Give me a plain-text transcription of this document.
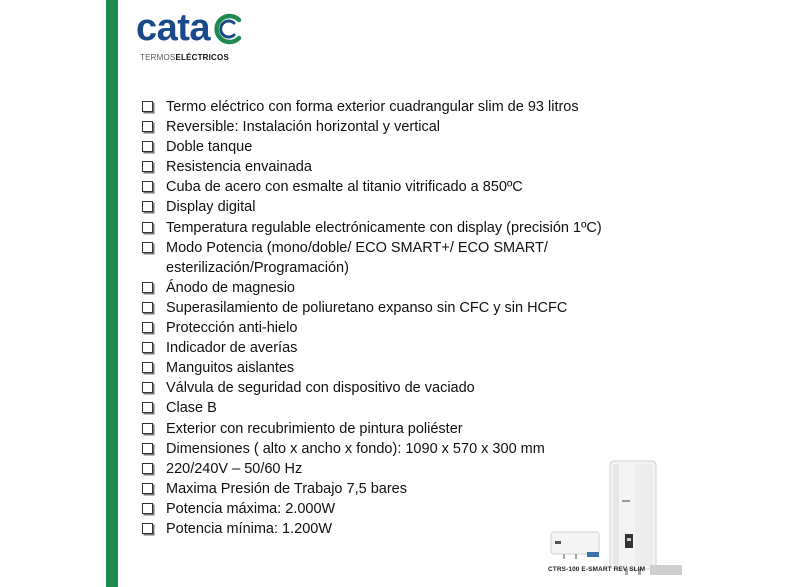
cata
TERMOSELÉCTRICOS
Termo eléctrico con forma exterior cuadrangular slim de 93 litros
Reversible: Instalación horizontal y vertical
Doble tanque
Resistencia envainada
Cuba de acero con esmalte al titanio vitrificado a 850ºC
Display digital
Temperatura regulable electrónicamente con display (precisión 1ºC)
Modo Potencia (mono/doble/ ECO SMART+/ ECO SMART/ esterilización/Programación)
Ánodo de magnesio
Superasilamiento de poliuretano expanso sin CFC y sin HCFC
Protección anti-hielo
Indicador de averías
Manguitos aislantes
Válvula de seguridad con dispositivo de vaciado
Clase B
Exterior con recubrimiento de pintura poliéster
Dimensiones ( alto x ancho x fondo): 1090 x 570 x 300 mm
220/240V – 50/60 Hz
Maxima Presión de Trabajo 7,5 bares
Potencia máxima: 2.000W
Potencia mínima: 1.200W
CTRS-100 E-SMART REV SLIM
